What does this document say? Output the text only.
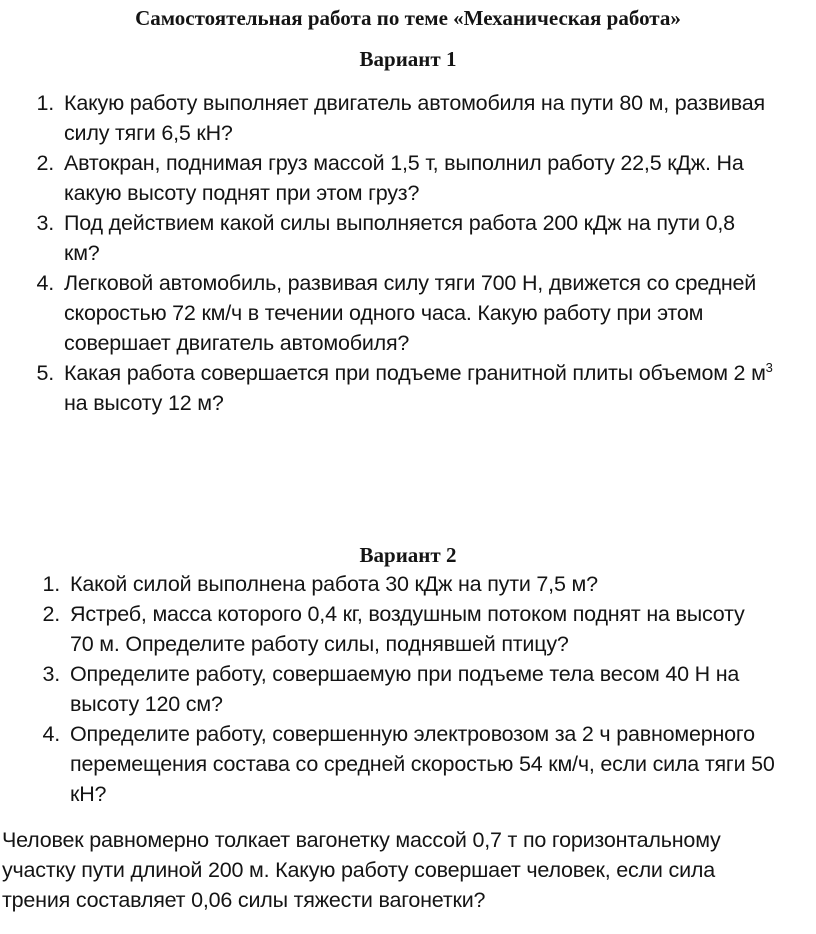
Самостоятельная работа по теме «Механическая работа»
Вариант 1
1. Какую работу выполняет двигатель автомобиля на пути 80 м, развивая
силу тяги 6,5 кН?
2. Автокран, поднимая груз массой 1,5 т, выполнил работу 22,5 кДж. На
какую высоту поднят при этом груз?
3. Под действием какой силы выполняется работа 200 кДж на пути 0,8
км?
4. Легковой автомобиль, развивая силу тяги 700 Н, движется со средней
скоростью 72 км/ч в течении одного часа. Какую работу при этом
совершает двигатель автомобиля?
5. Какая работа совершается при подъеме гранитной плиты объемом 2 $м^3$
на высоту 12 м?
Вариант 2
1. Какой силой выполнена работа 30 кДж на пути 7,5 м?
2. Ястреб, масса которого 0,4 кг, воздушным потоком поднят на высоту
70 м. Определите работу силы, поднявшей птицу?
3. Определите работу, совершаемую при подъеме тела весом 40 Н на
высоту 120 см?
4. Определите работу, совершенную электровозом за 2 ч равномерного
перемещения состава со средней скоростью 54 км/ч, если сила тяги 50
кН?
Человек равномерно толкает вагонетку массой 0,7 т по горизонтальному
участку пути длиной 200 м. Какую работу совершает человек, если сила
трения составляет 0,06 силы тяжести вагонетки?
